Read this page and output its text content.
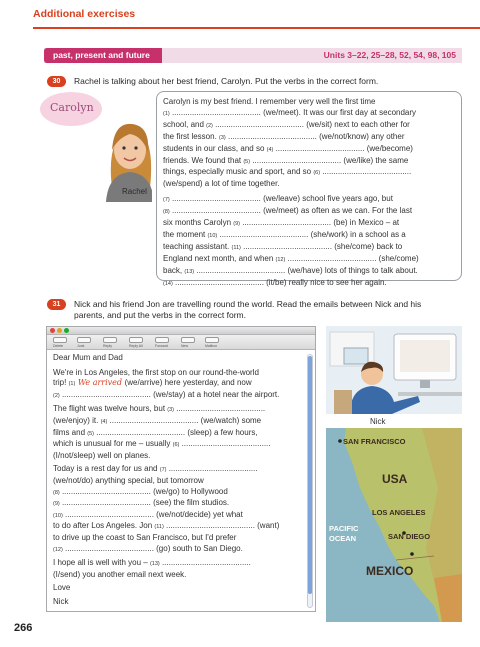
Additional exercises
past, present and future	Units 3–22, 25–28, 52, 54, 98, 105
30	Rachel is talking about her best friend, Carolyn. Put the verbs in the correct form.
Carolyn
Rachel
Carolyn is my best friend. I remember very well the first time
(1) ........................................ (we/meet). It was our first day at secondary
school, and (2) ........................................ (we/sit) next to each other for
the first lesson. (3) ........................................ (we/not/know) any other
students in our class, and so (4) ........................................ (we/become)
friends. We found that (5) ........................................ (we/like) the same
things, especially music and sport, and so (6) ........................................
(we/spend) a lot of time together.
(7) ........................................ (we/leave) school five years ago, but
(8) ........................................ (we/meet) as often as we can. For the last
six months Carolyn (9) ........................................ (be) in Mexico – at
the moment (10) ........................................ (she/work) in a school as a
teaching assistant. (11) ........................................ (she/come) back to
England next month, and when (12) ........................................ (she/come)
back, (13) ........................................ (we/have) lots of things to talk about.
(14) ........................................ (it/be) really nice to see her again.
31	Nick and his friend Jon are travelling round the world. Read the emails between Nick and his
parents, and put the verbs in the correct form.
Delete	Junk	Reply	Reply All	Forward	New	Mailbox
Dear Mum and Dad
We're in Los Angeles, the first stop on our round-the-world
trip! (1) We arrived (we/arrive) here yesterday, and now
(2) ........................................ (we/stay) at a hotel near the airport.
The flight was twelve hours, but (3) ........................................
(we/enjoy) it. (4) ........................................ (we/watch) some
films and (5) ........................................ (sleep) a few hours,
which is unusual for me – usually (6) ........................................
(I/not/sleep) well on planes.
Today is a rest day for us and (7) ........................................
(we/not/do) anything special, but tomorrow
(8) ........................................ (we/go) to Hollywood
(9) ........................................ (see) the film studios.
(10) ........................................ (we/not/decide) yet what
to do after Los Angeles. Jon (11) ........................................ (want)
to drive up the coast to San Francisco, but I'd prefer
(12) ........................................ (go) south to San Diego.
I hope all is well with you – (13) ........................................
(I/send) you another email next week.
Love
Nick
Nick
SAN FRANCISCO
USA
LOS ANGELES
PACIFIC
OCEAN	SAN DIEGO
MEXICO
266
